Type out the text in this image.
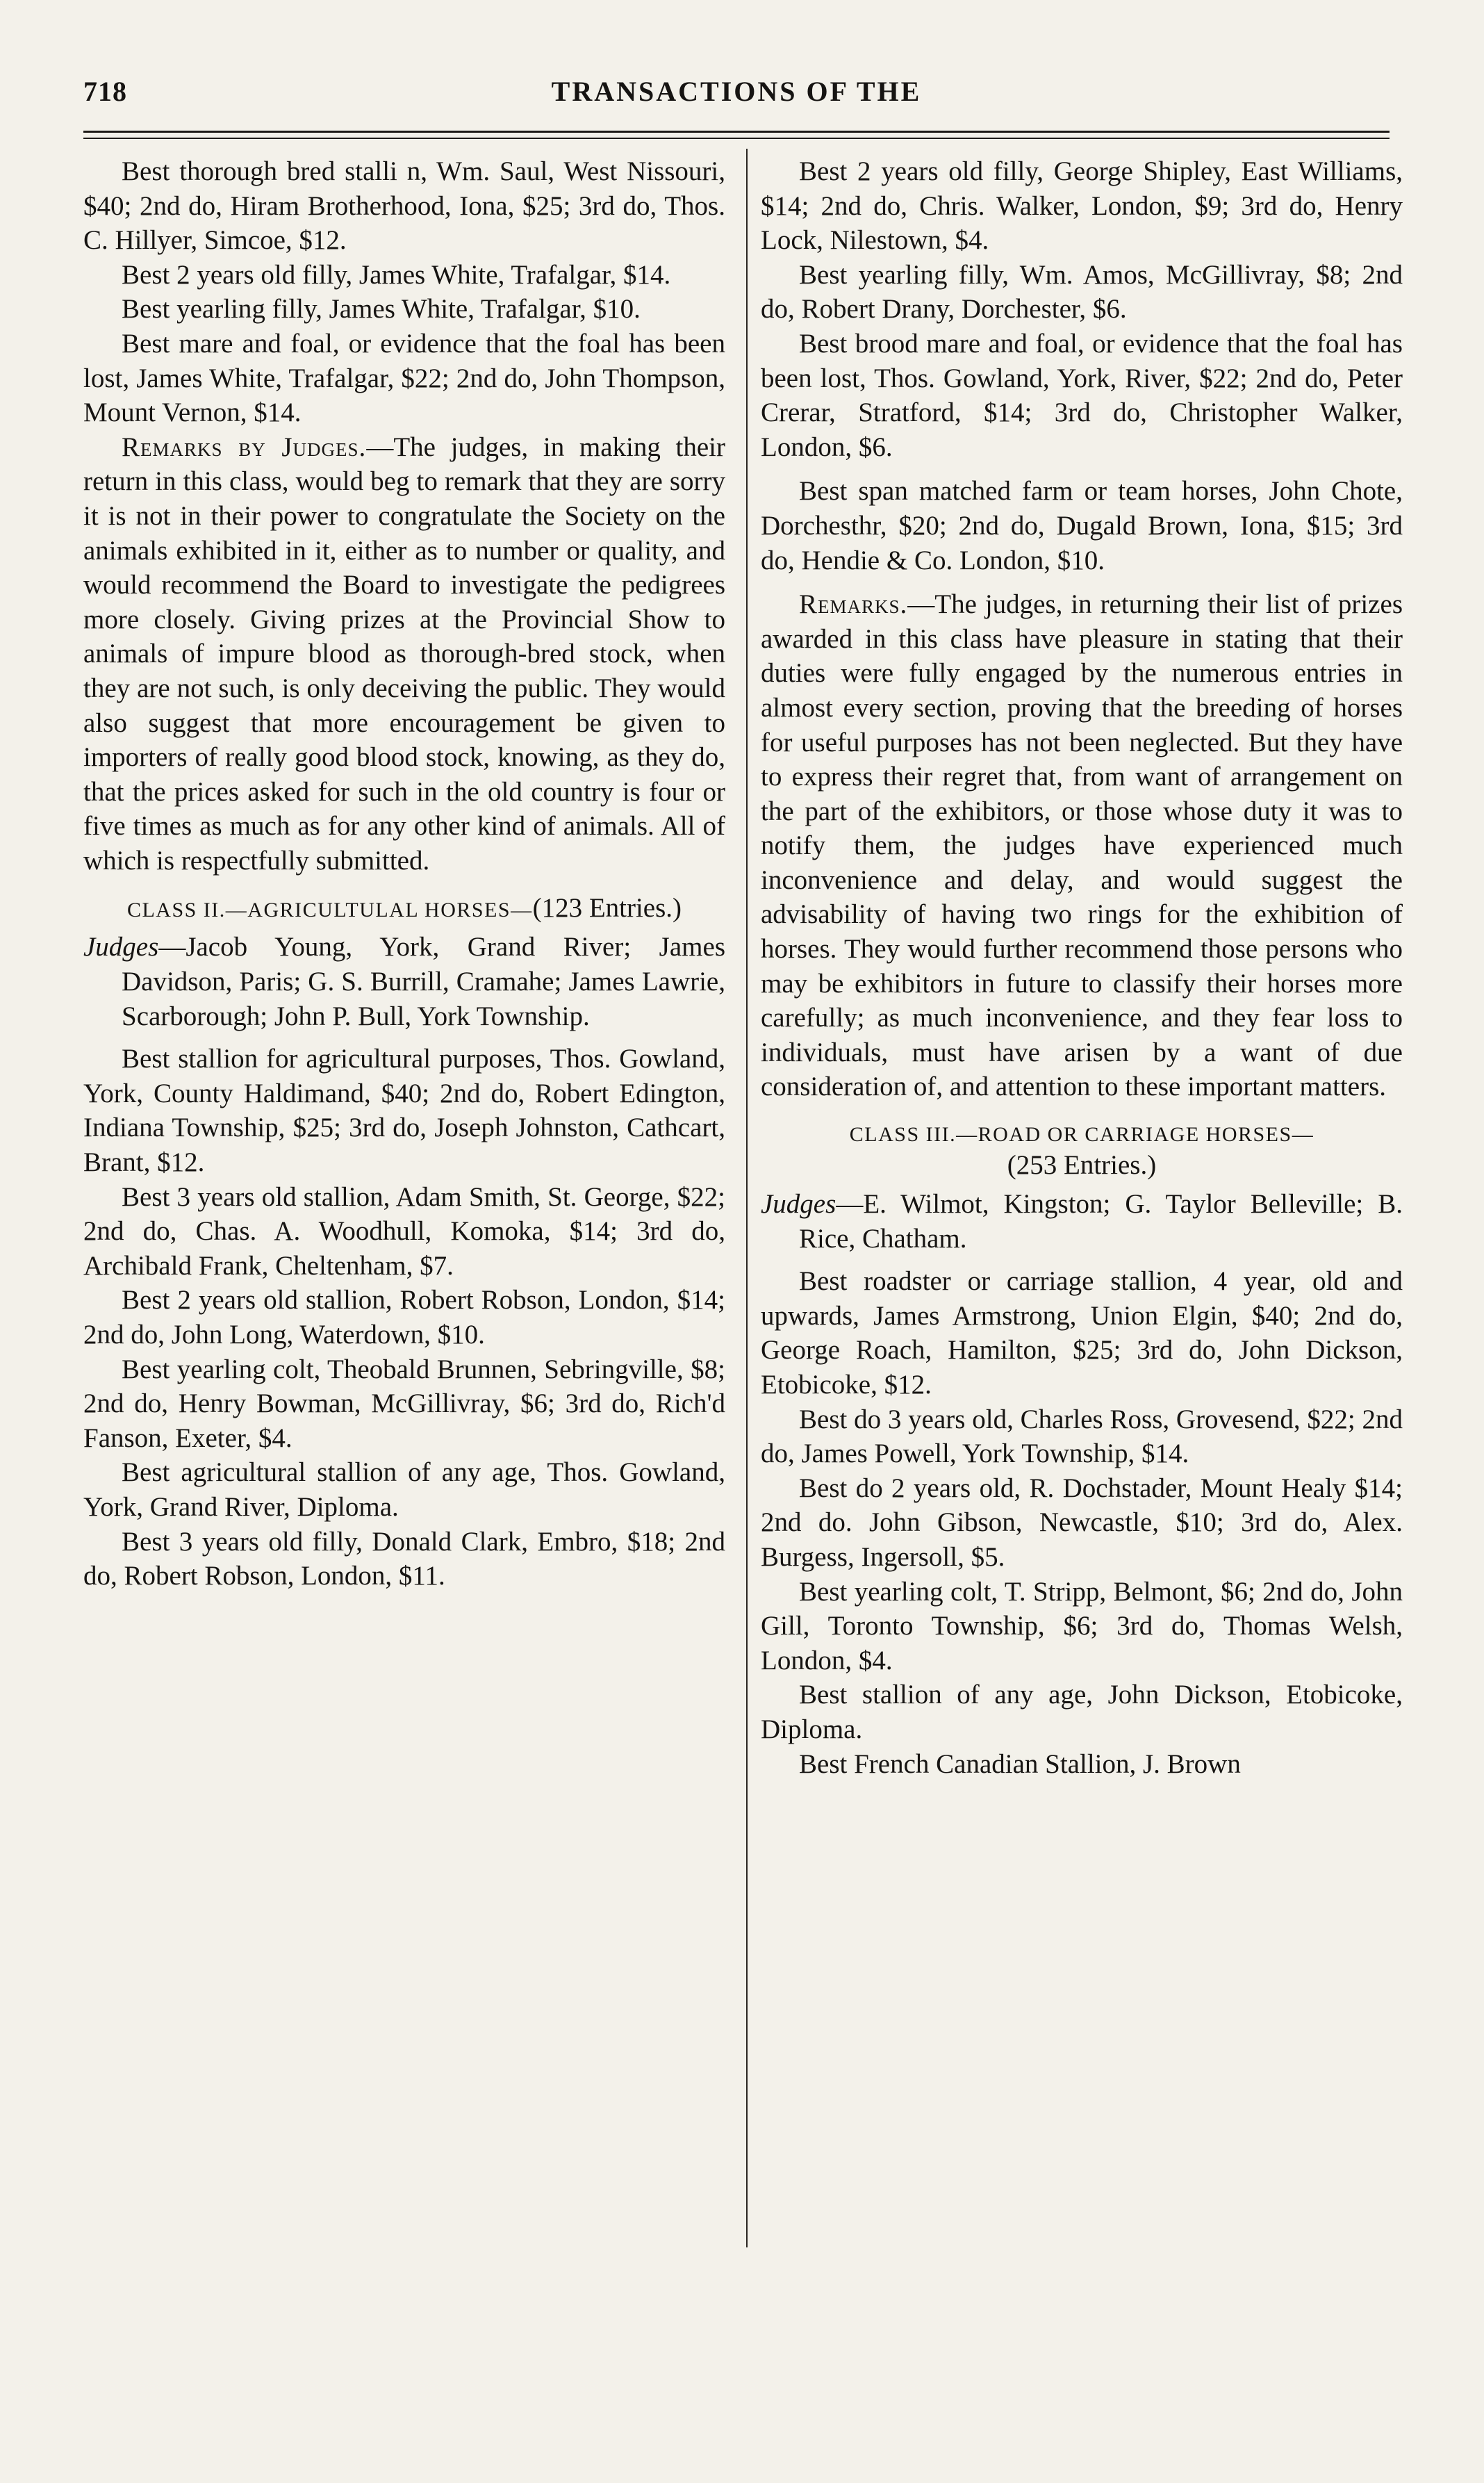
718	TRANSACTIONS OF THE

Best thorough bred stalli n, Wm. Saul, West Nissouri, $40; 2nd do, Hiram Brotherhood, Iona, $25; 3rd do, Thos. C. Hillyer, Simcoe, $12.

Best 2 years old filly, James White, Trafalgar, $14.

Best yearling filly, James White, Trafalgar, $10.

Best mare and foal, or evidence that the foal has been lost, James White, Trafalgar, $22; 2nd do, John Thompson, Mount Vernon, $14.

Remarks by Judges.—The judges, in making their return in this class, would beg to remark that they are sorry it is not in their power to congratulate the Society on the animals exhibited in it, either as to number or quality, and would recommend the Board to investigate the pedigrees more closely. Giving prizes at the Provincial Show to animals of impure blood as thorough-bred stock, when they are not such, is only deceiving the public. They would also suggest that more encouragement be given to importers of really good blood stock, knowing, as they do, that the prices asked for such in the old country is four or five times as much as for any other kind of animals. All of which is respectfully submitted.

CLASS II.—AGRICULTULAL HORSES—(123 Entries.)

Judges—Jacob Young, York, Grand River; James Davidson, Paris; G. S. Burrill, Cramahe; James Lawrie, Scarborough; John P. Bull, York Township.

Best stallion for agricultural purposes, Thos. Gowland, York, County Haldimand, $40; 2nd do, Robert Edington, Indiana Township, $25; 3rd do, Joseph Johnston, Cathcart, Brant, $12.

Best 3 years old stallion, Adam Smith, St. George, $22; 2nd do, Chas. A. Woodhull, Komoka, $14; 3rd do, Archibald Frank, Cheltenham, $7.

Best 2 years old stallion, Robert Robson, London, $14; 2nd do, John Long, Waterdown, $10.

Best yearling colt, Theobald Brunnen, Sebringville, $8; 2nd do, Henry Bowman, McGillivray, $6; 3rd do, Rich'd Fanson, Exeter, $4.

Best agricultural stallion of any age, Thos. Gowland, York, Grand River, Diploma.

Best 3 years old filly, Donald Clark, Embro, $18; 2nd do, Robert Robson, London, $11.

Best 2 years old filly, George Shipley, East Williams, $14; 2nd do, Chris. Walker, London, $9; 3rd do, Henry Lock, Nilestown, $4.

Best yearling filly, Wm. Amos, McGillivray, $8; 2nd do, Robert Drany, Dorchester, $6.

Best brood mare and foal, or evidence that the foal has been lost, Thos. Gowland, York, River, $22; 2nd do, Peter Crerar, Stratford, $14; 3rd do, Christopher Walker, London, $6.

Best span matched farm or team horses, John Chote, Dorchesthr, $20; 2nd do, Dugald Brown, Iona, $15; 3rd do, Hendie & Co. London, $10.

Remarks.—The judges, in returning their list of prizes awarded in this class have pleasure in stating that their duties were fully engaged by the numerous entries in almost every section, proving that the breeding of horses for useful purposes has not been neglected. But they have to express their regret that, from want of arrangement on the part of the exhibitors, or those whose duty it was to notify them, the judges have experienced much inconvenience and delay, and would suggest the advisability of having two rings for the exhibition of horses. They would further recommend those persons who may be exhibitors in future to classify their horses more carefully; as much inconvenience, and they fear loss to individuals, must have arisen by a want of due consideration of, and attention to these important matters.

CLASS III.—ROAD OR CARRIAGE HORSES—
(253 Entries.)

Judges—E. Wilmot, Kingston; G. Taylor Belleville; B. Rice, Chatham.

Best roadster or carriage stallion, 4 year, old and upwards, James Armstrong, Union Elgin, $40; 2nd do, George Roach, Hamilton, $25; 3rd do, John Dickson, Etobicoke, $12.

Best do 3 years old, Charles Ross, Grovesend, $22; 2nd do, James Powell, York Township, $14.

Best do 2 years old, R. Dochstader, Mount Healy $14; 2nd do. John Gibson, Newcastle, $10; 3rd do, Alex. Burgess, Ingersoll, $5.

Best yearling colt, T. Stripp, Belmont, $6; 2nd do, John Gill, Toronto Township, $6; 3rd do, Thomas Welsh, London, $4.

Best stallion of any age, John Dickson, Etobicoke, Diploma.

Best French Canadian Stallion, J. Brown
